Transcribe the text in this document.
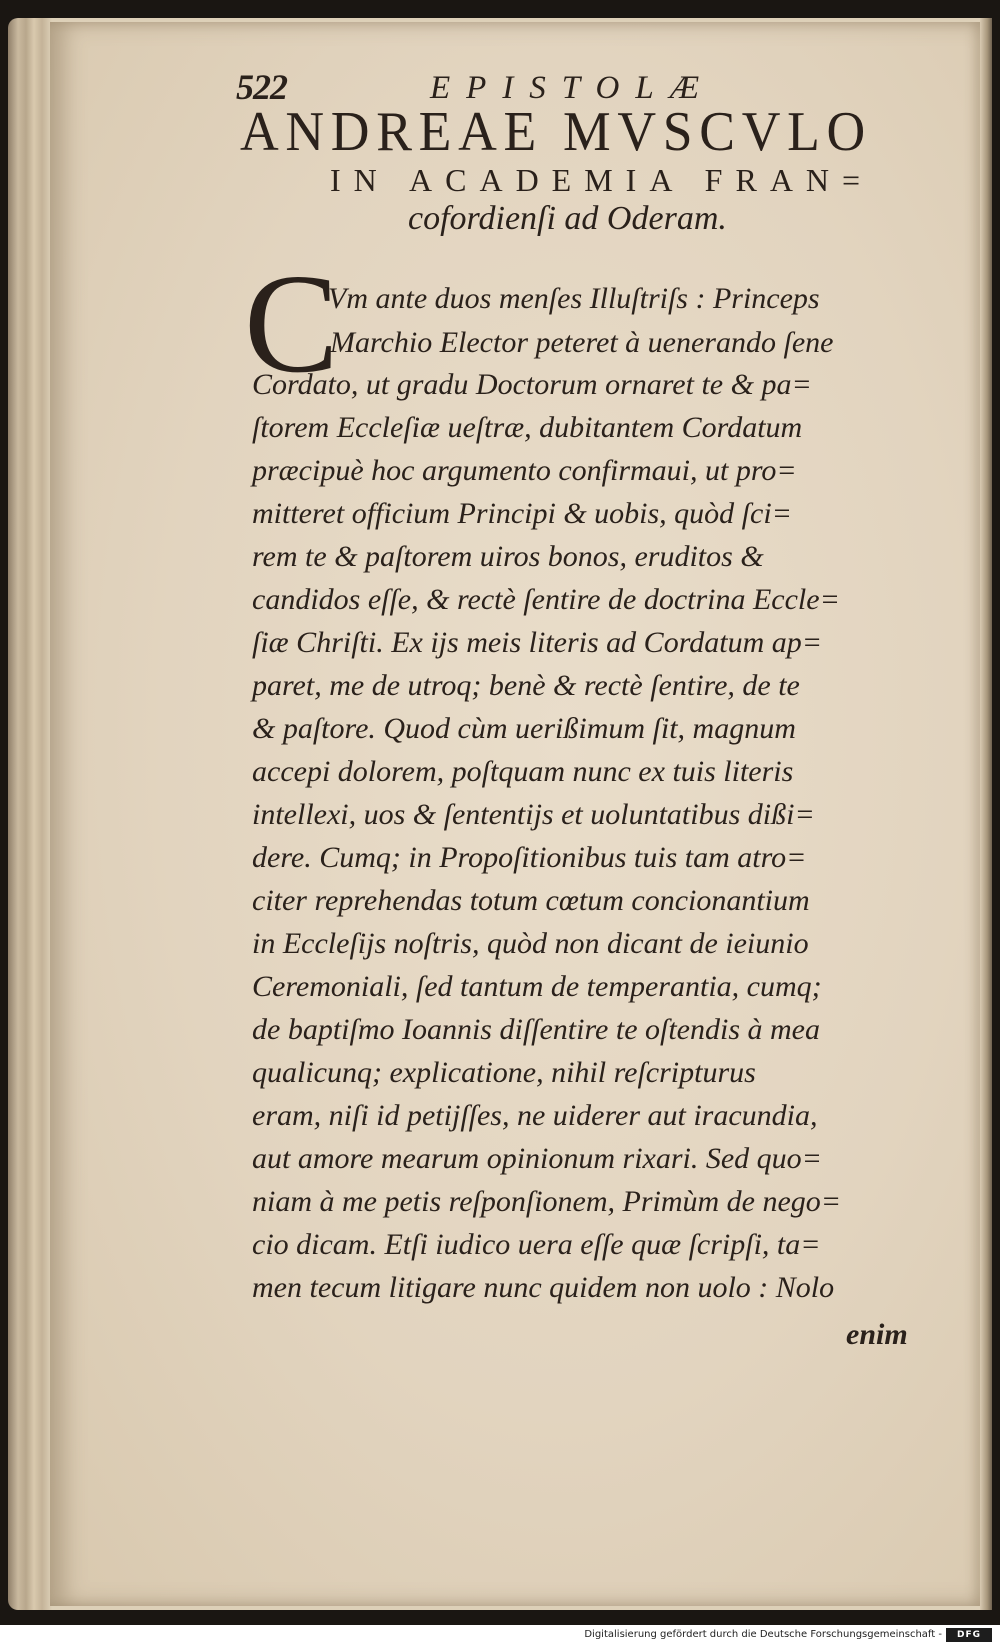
522	EPISTOLÆ
ANDREAE MVSCVLO
IN ACADEMIA FRAN=
cofordienſi ad Oderam.
C
Vm ante duos menſes Illuſtriſs : Princeps
Marchio Elector peteret à uenerando ſene
Cordato, ut gradu Doctorum ornaret te & pa=
ſtorem Eccleſiæ ueſtræ, dubitantem Cordatum
præcipuè hoc argumento confirmaui, ut pro=
mitteret officium Principi & uobis, quòd ſci=
rem te & paſtorem uiros bonos, eruditos &
candidos eſſe, & rectè ſentire de doctrina Eccle=
ſiæ Chriſti. Ex ijs meis literis ad Cordatum ap=
paret, me de utroq; benè & rectè ſentire, de te
& paſtore. Quod cùm uerißimum ſit, magnum
accepi dolorem, poſtquam nunc ex tuis literis
intellexi, uos & ſententijs et uoluntatibus dißi=
dere. Cumq; in Propoſitionibus tuis tam atro=
citer reprehendas totum cœtum concionantium
in Eccleſijs noſtris, quòd non dicant de ieiunio
Ceremoniali, ſed tantum de temperantia, cumq;
de baptiſmo Ioannis diſſentire te oſtendis à mea
qualicunq; explicatione, nihil reſcripturus
eram, niſi id petijſſes, ne uiderer aut iracundia,
aut amore mearum opinionum rixari. Sed quo=
niam à me petis reſponſionem, Primùm de nego=
cio dicam. Etſi iudico uera eſſe quæ ſcripſi, ta=
men tecum litigare nunc quidem non uolo : Nolo
enim
Digitalisierung gefördert durch die Deutsche Forschungsgemeinschaft -	DFG
